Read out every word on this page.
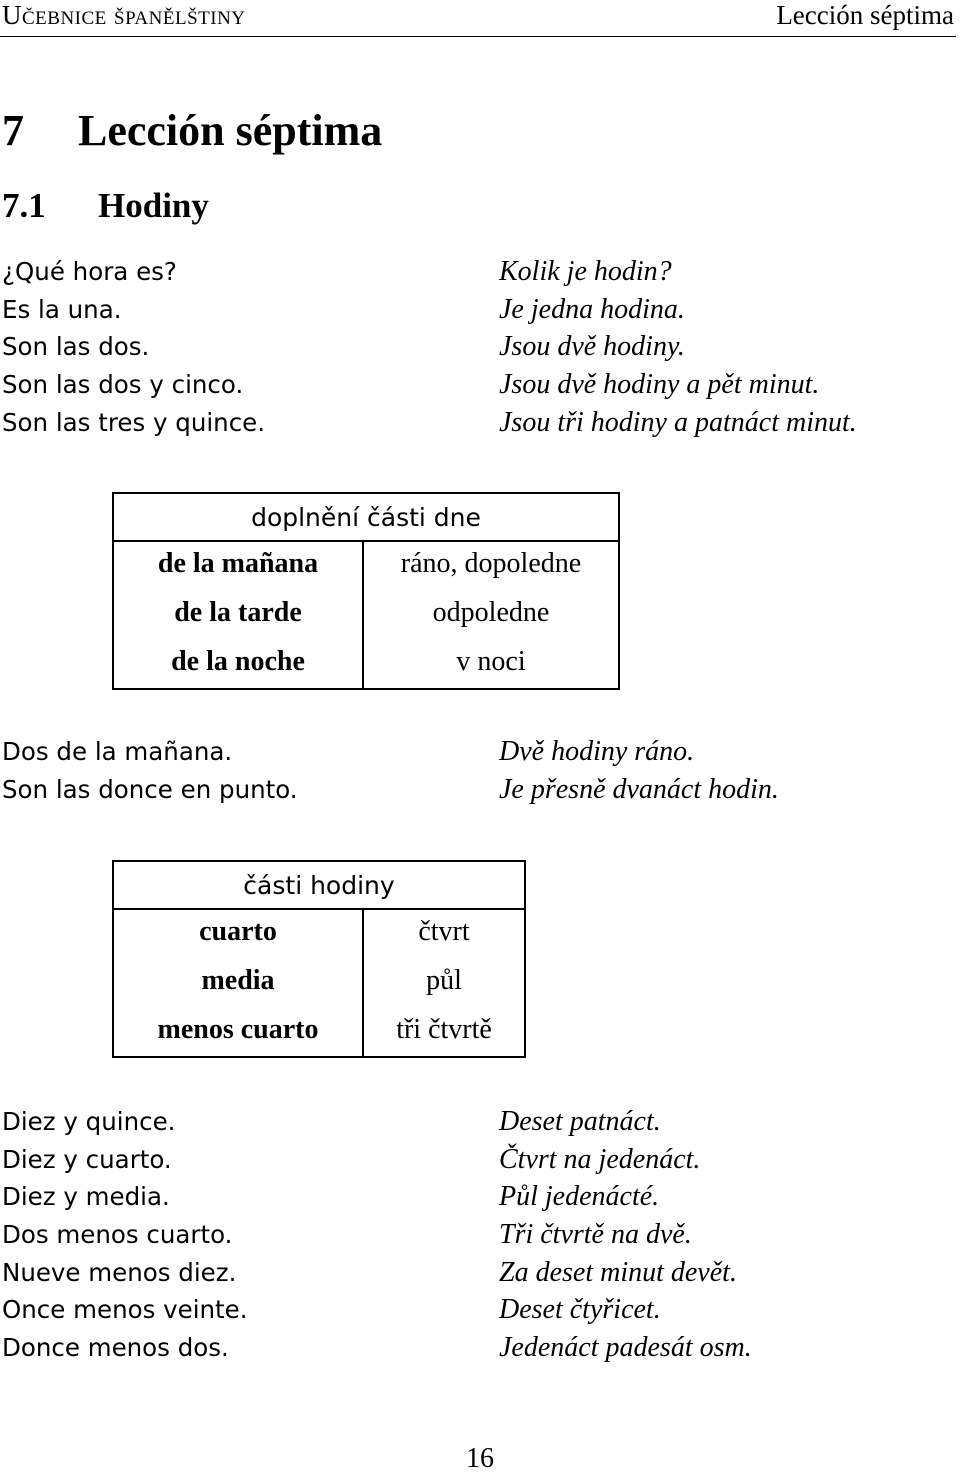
Učebnice španělštiny	Lección séptima
7 Lección séptima
7.1 Hodiny
¿Qué hora es?	Kolik je hodin?
Es la una.	Je jedna hodina.
Son las dos.	Jsou dvě hodiny.
Son las dos y cinco.	Jsou dvě hodiny a pět minut.
Son las tres y quince.	Jsou tři hodiny a patnáct minut.
doplnění části dne
de la mañana	ráno, dopoledne
de la tarde	odpoledne
de la noche	v noci
Dos de la mañana.	Dvě hodiny ráno.
Son las donce en punto.	Je přesně dvanáct hodin.
části hodiny
cuarto	čtvrt
media	půl
menos cuarto	tři čtvrtě
Diez y quince.	Deset patnáct.
Diez y cuarto.	Čtvrt na jedenáct.
Diez y media.	Půl jedenácté.
Dos menos cuarto.	Tři čtvrtě na dvě.
Nueve menos diez.	Za deset minut devět.
Once menos veinte.	Deset čtyřicet.
Donce menos dos.	Jedenáct padesát osm.
16
